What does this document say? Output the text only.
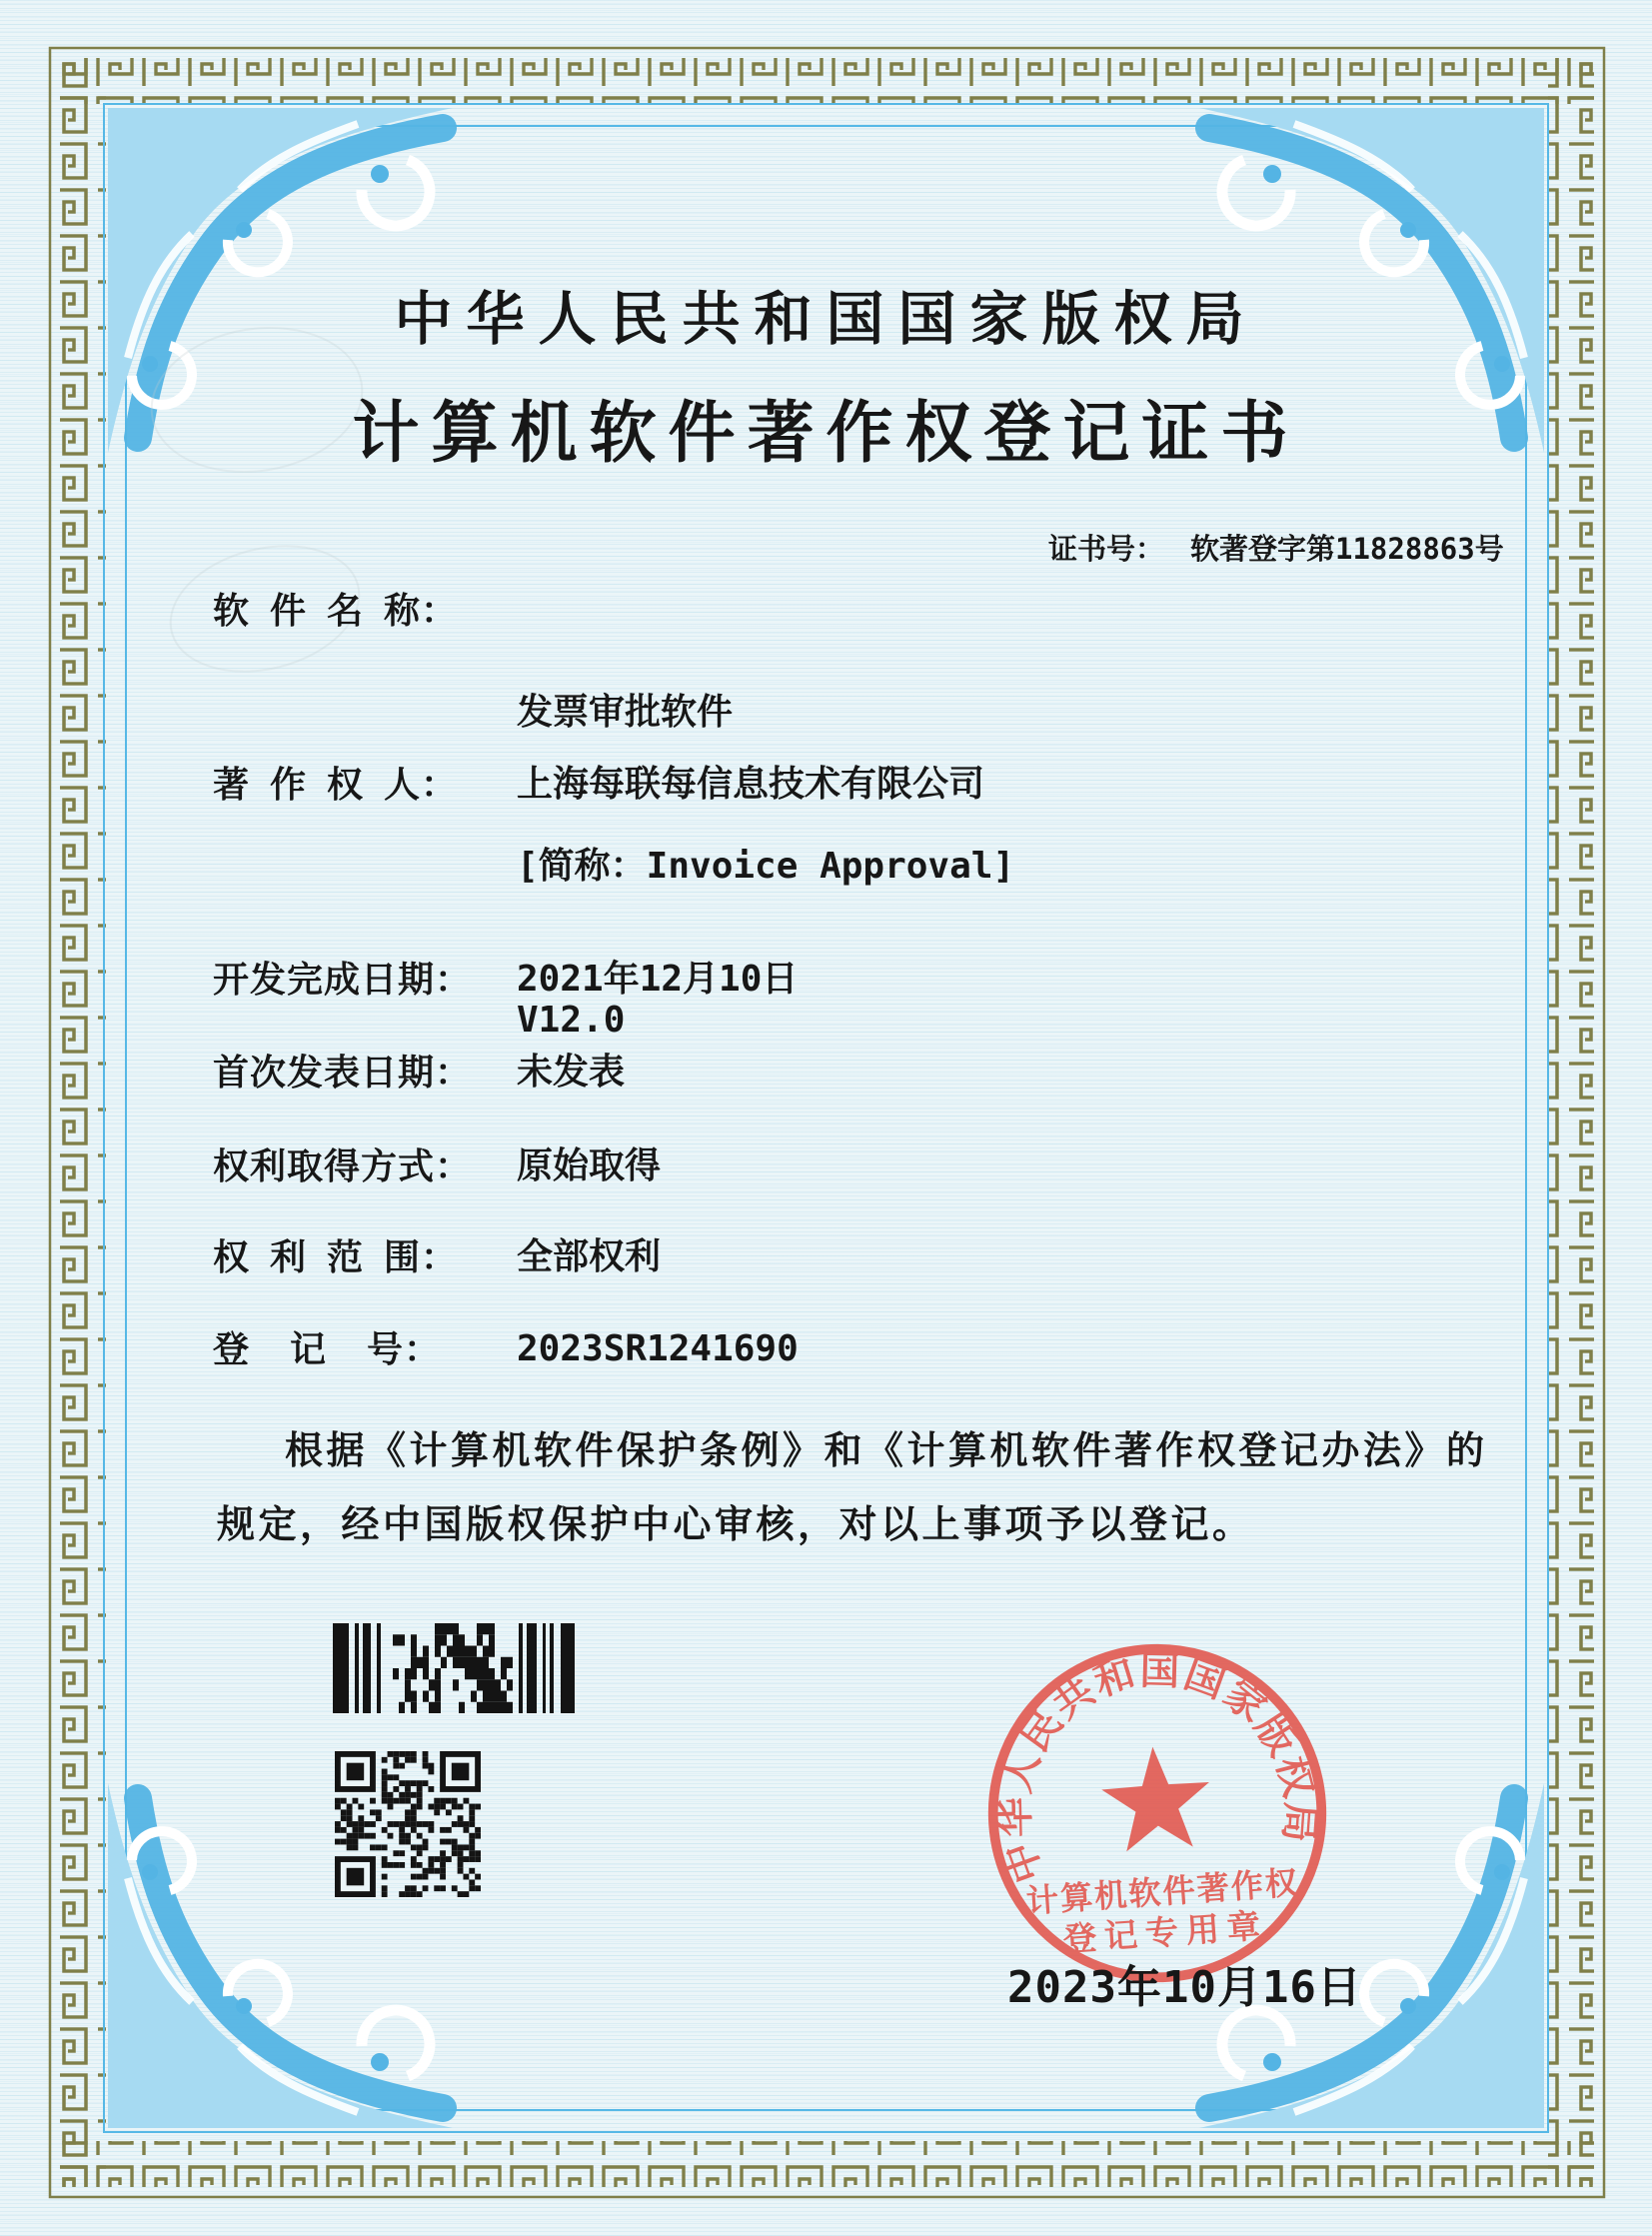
中华人民共和国国家版权局
计算机软件著作权登记证书

证书号： 软著登字第11828863号

软  件  名  称：

发票审批软件

[简称：Invoice Approval]

V12.0

著  作  权  人： 上海每联每信息技术有限公司
开发完成日期： 2021年12月10日
首次发表日期： 未发表
权利取得方式： 原始取得
权  利  范  围： 全部权利
登    记    号： 2023SR1241690
根据《计算机软件保护条例》和《计算机软件著作权登记办法》的
规定，经中国版权保护中心审核，对以上事项予以登记。
中华人民共和国国家版权局
计算机软件著作权
登记专用章
2023年10月16日
